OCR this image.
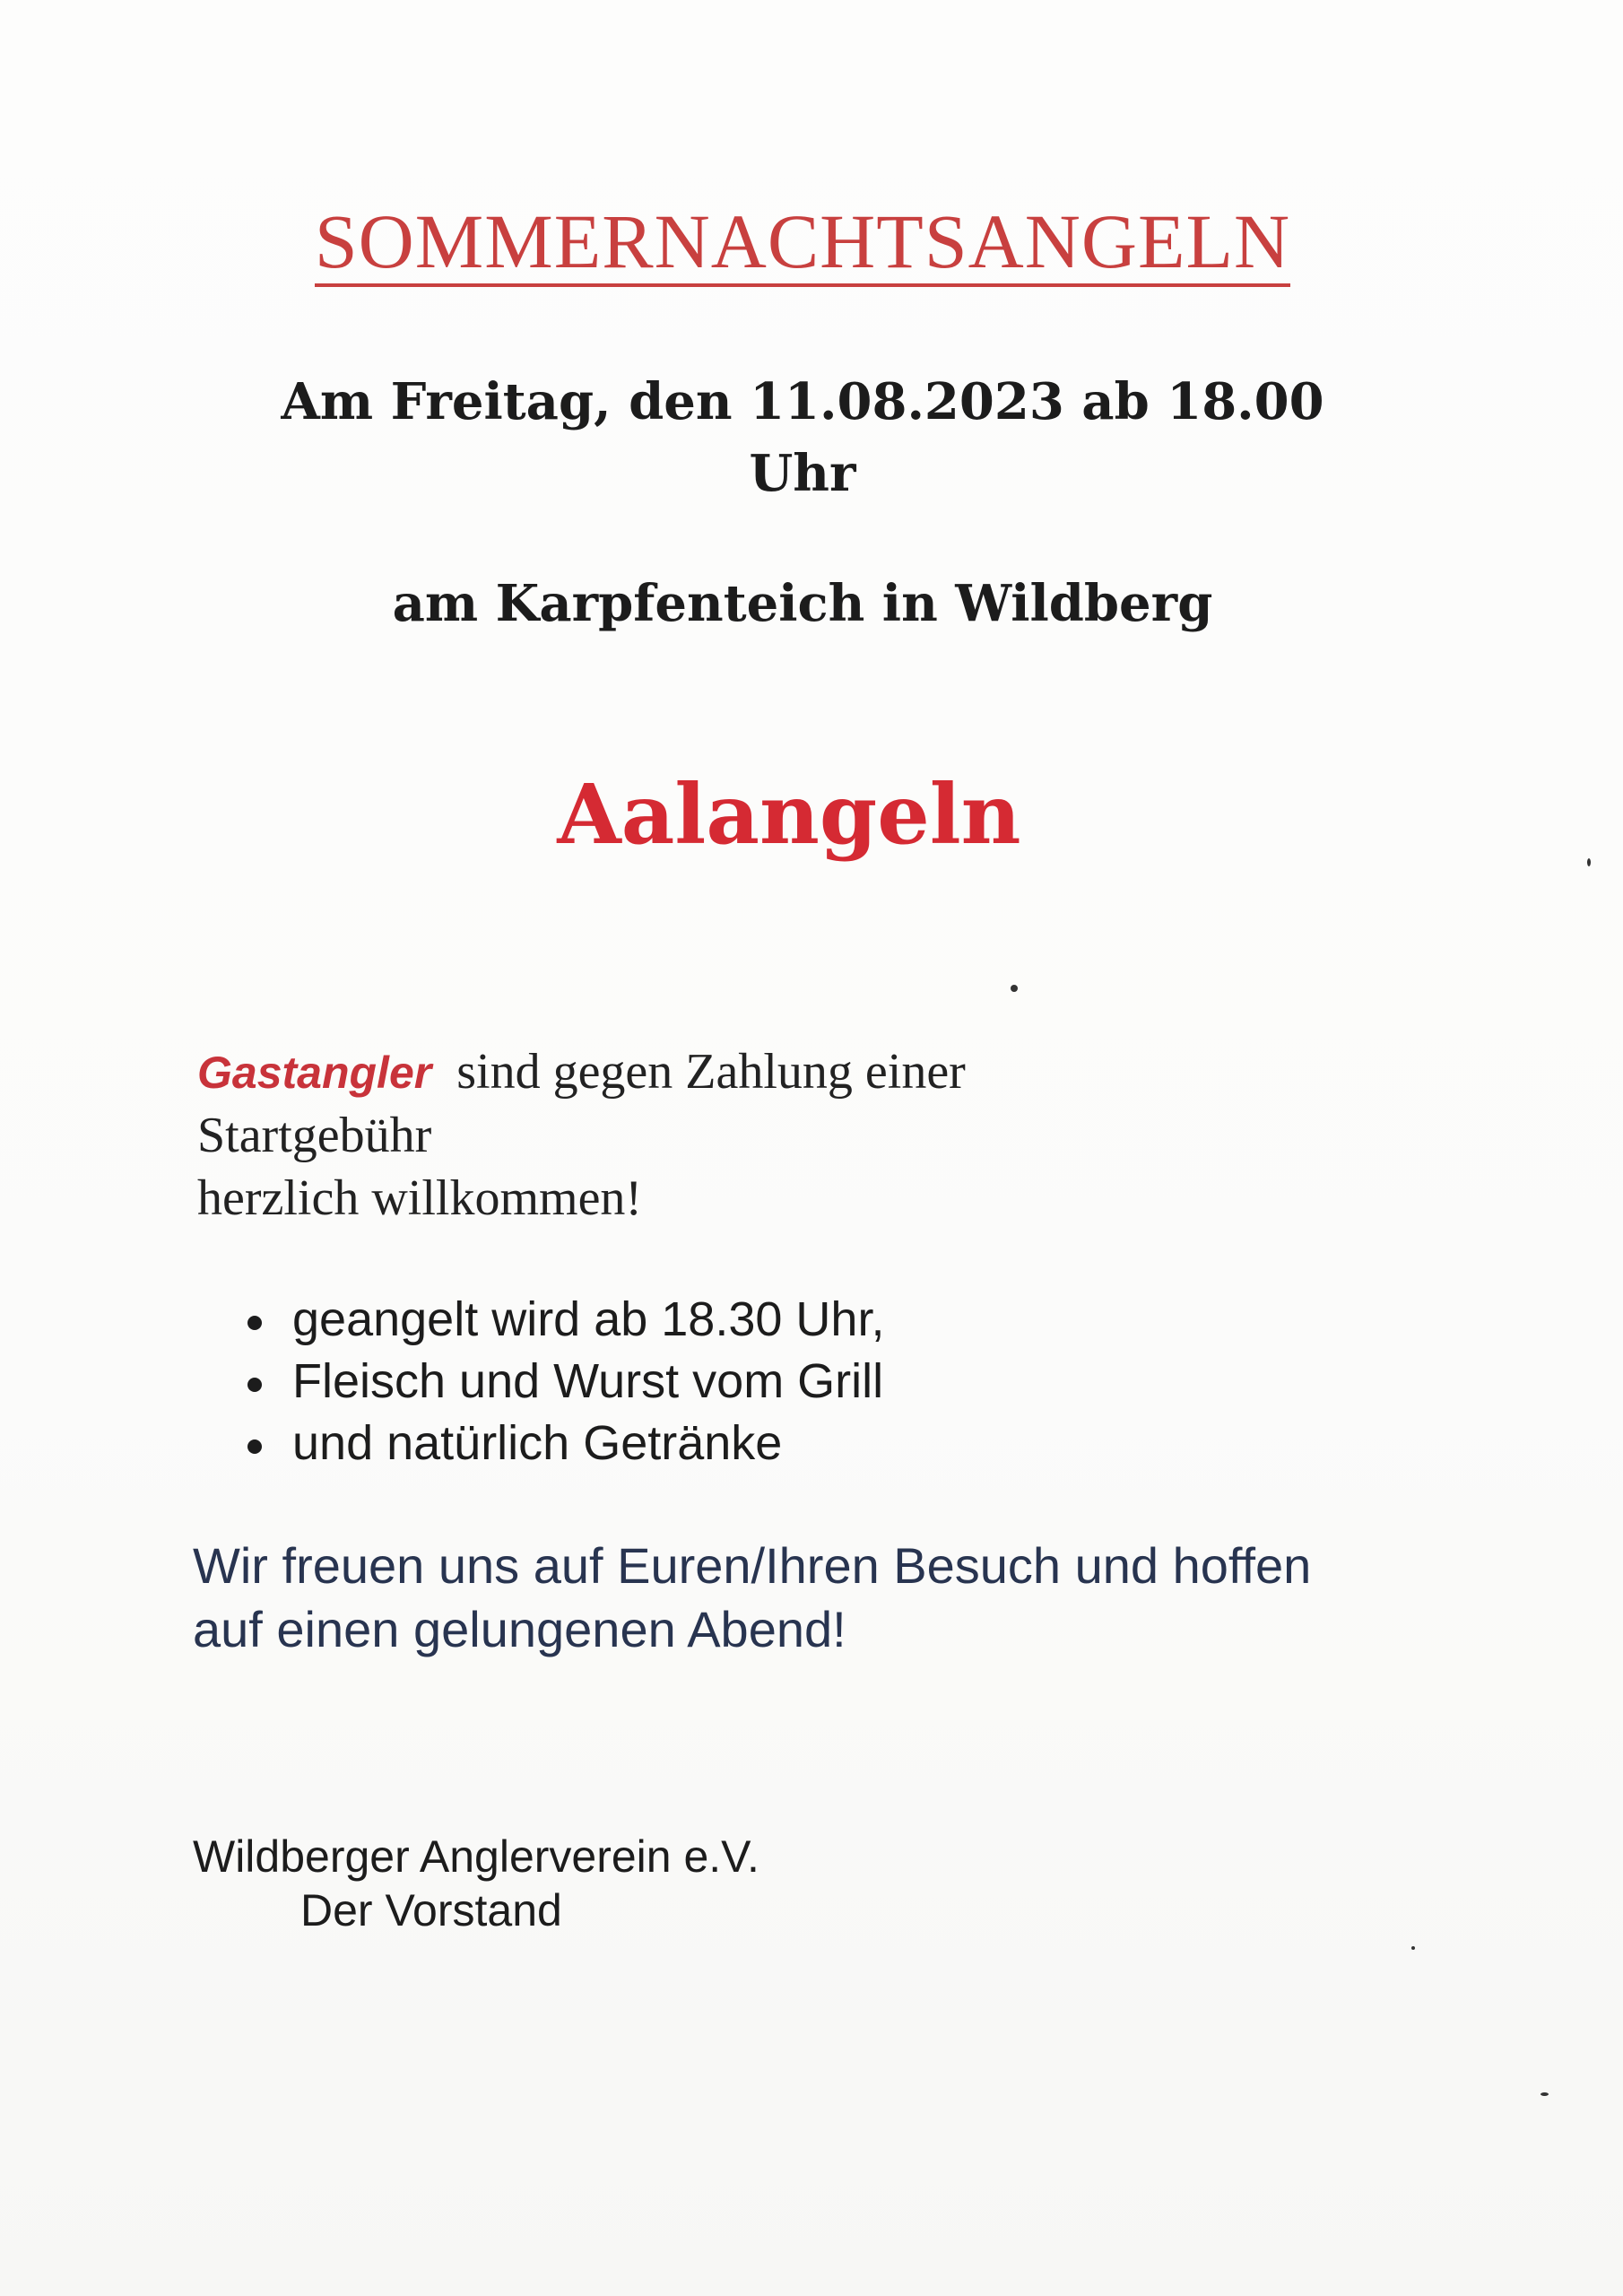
SOMMERNACHTSANGELN
Am Freitag, den 11.08.2023 ab 18.00
Uhr
am Karpfenteich in Wildberg
Aalangeln
Gastangler sind gegen Zahlung einer
Startgebühr
herzlich willkommen!
geangelt wird ab 18.30 Uhr,
Fleisch und Wurst vom Grill
und natürlich Getränke
Wir freuen uns auf Euren/Ihren Besuch und hoffen
auf einen gelungenen Abend!
Wildberger Anglerverein e.V.
Der Vorstand
